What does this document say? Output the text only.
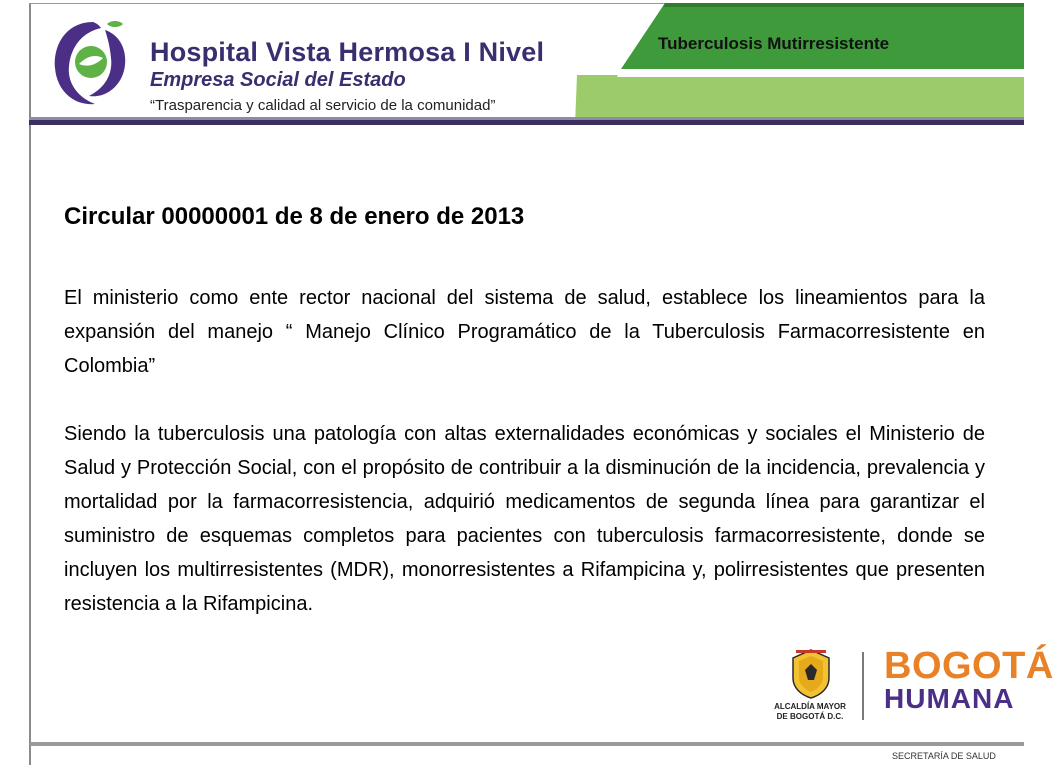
Hospital Vista Hermosa I Nivel
Empresa Social del Estado
“Trasparencia y calidad al servicio de la comunidad”
Tuberculosis Mutirresistente
Circular 00000001 de 8 de enero de 2013

El ministerio como ente rector nacional del sistema de salud, establece los lineamientos para la expansión del manejo “ Manejo Clínico Programático de la Tuberculosis Farmacorresistente en Colombia”

Siendo la tuberculosis una patología con altas externalidades económicas y sociales el Ministerio de Salud y Protección Social, con el propósito de contribuir a la disminución de la incidencia, prevalencia y mortalidad por la farmacorresistencia, adquirió medicamentos de segunda línea para garantizar el suministro de esquemas completos para pacientes con tuberculosis farmacorresistente, donde se incluyen los multirresistentes (MDR), monorresistentes a Rifampicina y, polirresistentes que presenten resistencia a la Rifampicina.

ALCALDÍA MAYOR
DE BOGOTÁ D.C.
BOGOTÁ
HUMANA
SECRETARÍA DE SALUD
